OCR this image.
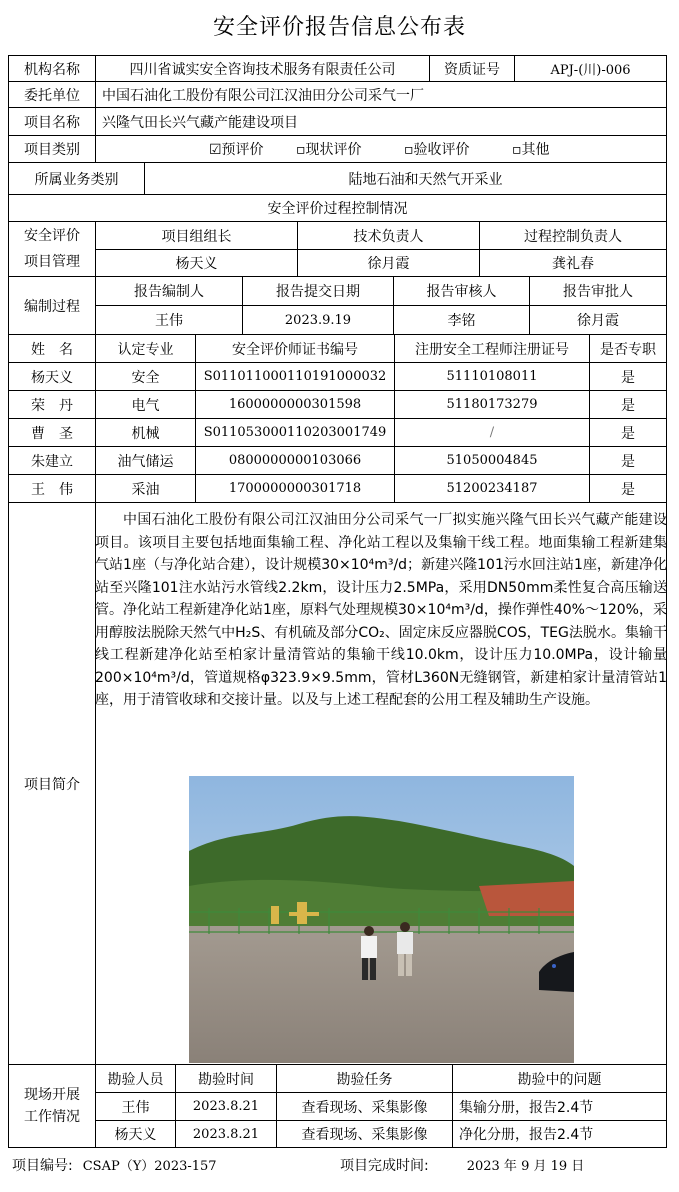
安全评价报告信息公布表
机构名称	四川省诚实安全咨询技术服务有限责任公司	资质证号	APJ-(川)-006
委托单位	中国石油化工股份有限公司江汉油田分公司采气一厂
项目名称	兴隆气田长兴气藏产能建设项目
项目类别	☑预评价 ▫现状评价	▫验收评价	▫其他
所属业务类别	陆地石油和天然气开采业
安全评价过程控制情况
安全评价
项目管理
项目组组长	技术负责人	过程控制负责人
杨天义	徐月霞	龚礼春
编制过程
报告编制人	报告提交日期	报告审核人	报告审批人
王伟	2023.9.19	李铭	徐月霞
姓　名	认定专业	安全评价师证书编号	注册安全工程师注册证号	是否专职
杨天义	安全	S011011000110191000032	51110108011	是
荣　丹	电气	1600000000301598	51180173279	是
曹　圣	机械	S011053000110203001749	/	是
朱建立	油气储运	0800000000103066	51050004845	是
王　伟	采油	1700000000301718	51200234187	是
项目简介
中国石油化工股份有限公司江汉油田分公司采气一厂拟实施兴隆气田长兴气藏产能建设项目。该项目主要包括地面集输工程、净化站工程以及集输干线工程。地面集输工程新建集气站1座（与净化站合建），设计规模30×10⁴m³/d；新建兴隆101污水回注站1座，新建净化站至兴隆101注水站污水管线2.2km，设计压力2.5MPa，采用DN50mm柔性复合高压输送管。净化站工程新建净化站1座，原料气处理规模30×10⁴m³/d，操作弹性40%～120%，采用醇胺法脱除天然气中H₂S、有机硫及部分CO₂、固定床反应器脱COS，TEG法脱水。集输干线工程新建净化站至柏家计量清管站的集输干线10.0km，设计压力10.0MPa，设计输量200×10⁴m³/d，管道规格φ323.9×9.5mm，管材L360N无缝钢管，新建柏家计量清管站1座，用于清管收球和交接计量。以及与上述工程配套的公用工程及辅助生产设施。
现场开展
工作情况
勘验人员	勘验时间	勘验任务	勘验中的问题
王伟	2023.8.21	查看现场、采集影像	集输分册，报告2.4节
杨天义	2023.8.21	查看现场、采集影像	净化分册，报告2.4节
项目编号: CSAP（Y）2023-157	项目完成时间:	2023 年 9 月 19 日
